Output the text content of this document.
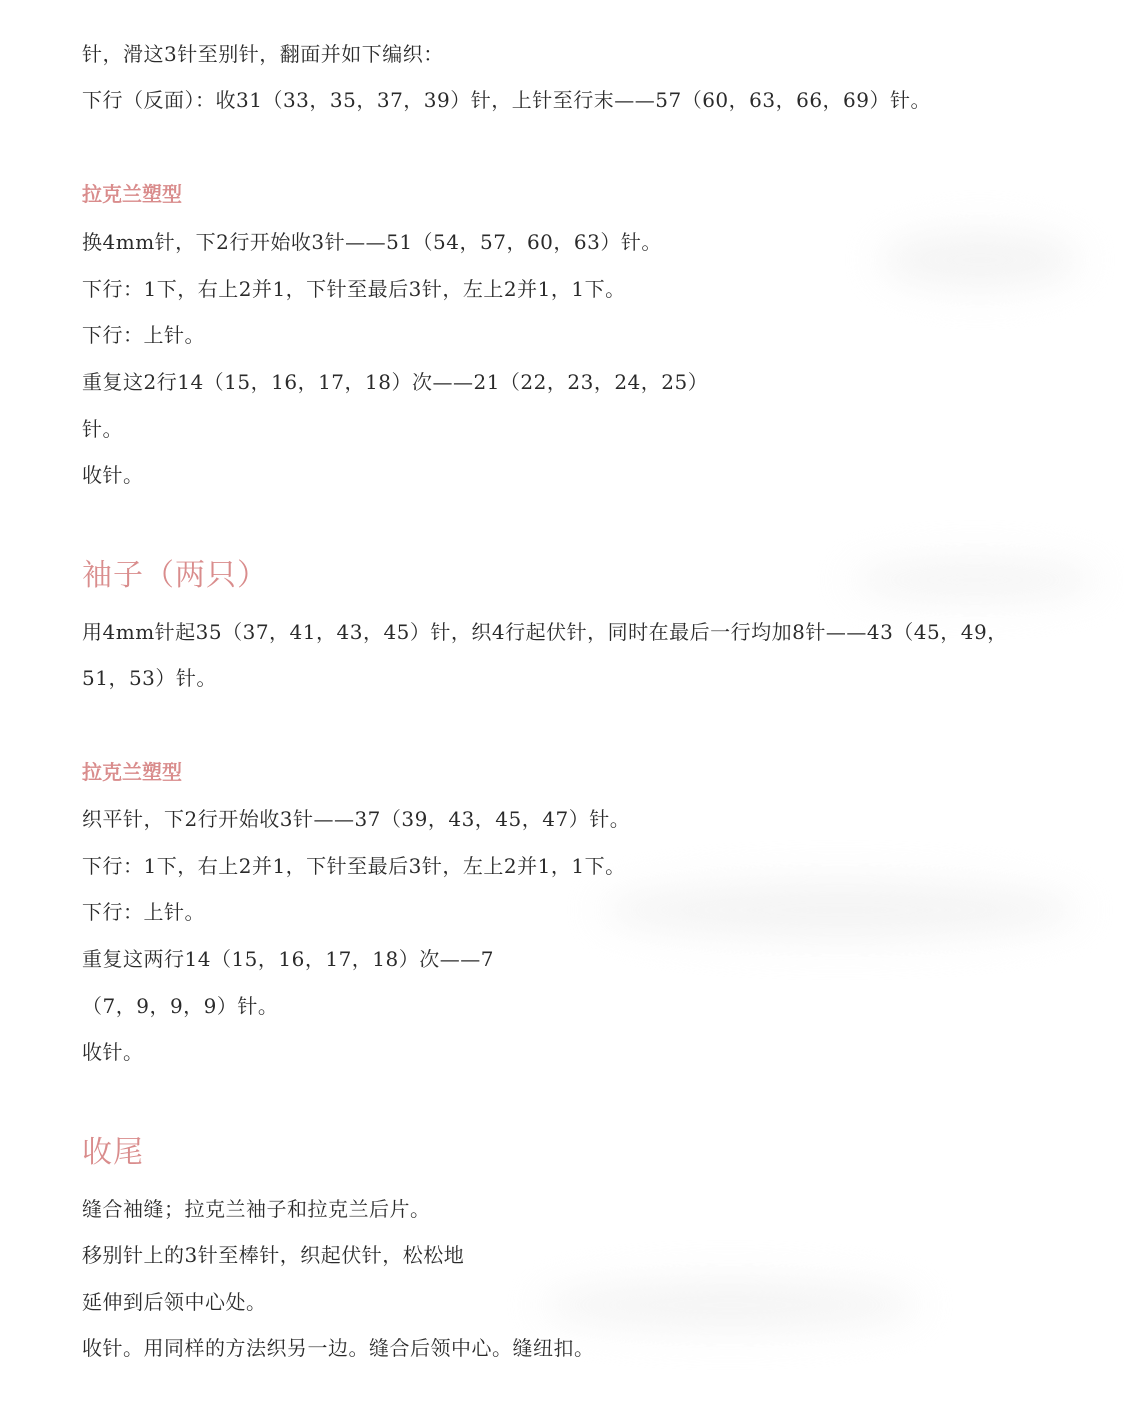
针，滑这3针至别针，翻面并如下编织：
下行（反面）：收31（33，35，37，39）针，上针至行末——57（60，63，66，69）针。
拉克兰塑型
换4mm针，下2行开始收3针——51（54，57，60，63）针。
下行：1下，右上2并1，下针至最后3针，左上2并1，1下。
下行：上针。
重复这2行14（15，16，17，18）次——21（22，23，24，25）
针。
收针。
袖子（两只）
用4mm针起35（37，41，43，45）针，织4行起伏针，同时在最后一行均加8针——43（45，49，
51，53）针。
拉克兰塑型
织平针，下2行开始收3针——37（39，43，45，47）针。
下行：1下，右上2并1，下针至最后3针，左上2并1，1下。
下行：上针。
重复这两行14（15，16，17，18）次——7
（7，9，9，9）针。
收针。
收尾
缝合袖缝；拉克兰袖子和拉克兰后片。
移别针上的3针至棒针，织起伏针，松松地
延伸到后领中心处。
收针。用同样的方法织另一边。缝合后领中心。缝纽扣。
